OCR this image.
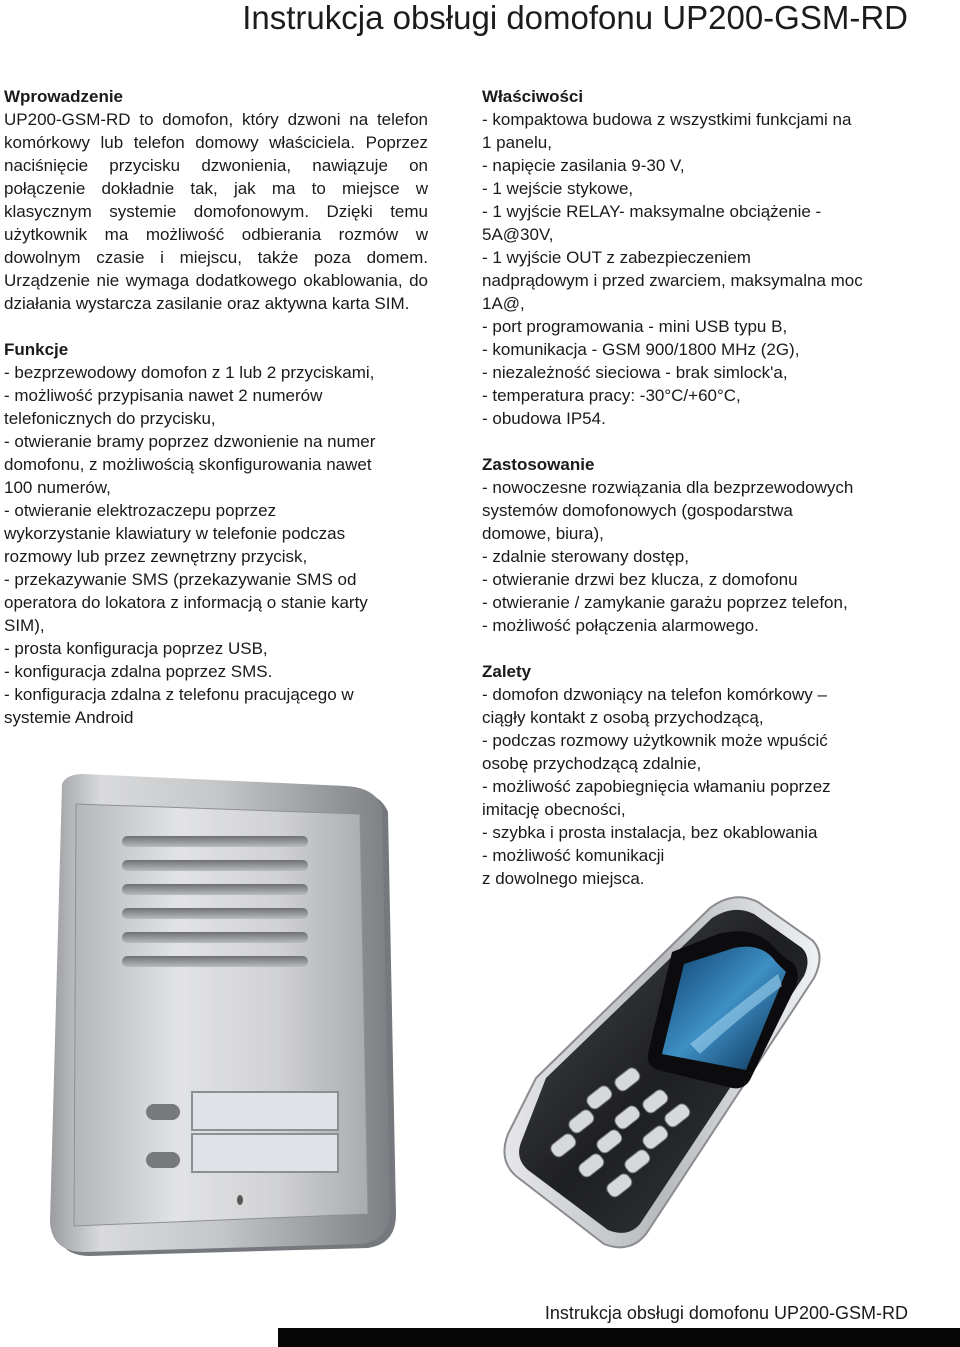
Instrukcja obsługi domofonu UP200-GSM-RD
Wprowadzenie
UP200-GSM-RD to domofon, który dzwoni na telefon komórkowy lub telefon domowy właściciela. Poprzez naciśnięcie przycisku dzwonienia, nawiązuje on połączenie dokładnie tak, jak ma to miejsce w klasycznym systemie domofonowym. Dzięki temu użytkownik ma możliwość odbierania rozmów w dowolnym czasie i miejscu, także poza domem. Urządzenie nie wymaga dodatkowego okablowania, do działania wystarcza zasilanie oraz aktywna karta SIM.
Funkcje
- bezprzewodowy domofon z 1 lub 2 przyciskami,
- możliwość przypisania nawet 2 numerów
telefonicznych do przycisku,
- otwieranie bramy poprzez dzwonienie na numer
domofonu, z możliwością skonfigurowania nawet
100 numerów,
- otwieranie elektrozaczepu poprzez
wykorzystanie klawiatury w telefonie podczas
rozmowy lub przez zewnętrzny przycisk,
- przekazywanie SMS (przekazywanie SMS od
operatora do lokatora z informacją o stanie karty
SIM),
- prosta konfiguracja poprzez USB,
- konfiguracja zdalna poprzez SMS.
- konfiguracja zdalna z telefonu pracującego w
systemie Android
Właściwości
- kompaktowa budowa z wszystkimi funkcjami na
1 panelu,
- napięcie zasilania 9-30 V,
- 1 wejście stykowe,
- 1 wyjście RELAY- maksymalne obciążenie -
5A@30V,
- 1 wyjście OUT z zabezpieczeniem
nadprądowym i przed zwarciem, maksymalna moc
1A@,
- port programowania - mini USB typu B,
- komunikacja - GSM 900/1800 MHz (2G),
- niezależność sieciowa - brak simlock'a,
- temperatura pracy: -30°C/+60°C,
- obudowa IP54.
Zastosowanie
- nowoczesne rozwiązania dla bezprzewodowych
systemów domofonowych (gospodarstwa
domowe, biura),
- zdalnie sterowany dostęp,
- otwieranie drzwi bez klucza, z domofonu
- otwieranie / zamykanie garażu poprzez telefon,
- możliwość połączenia alarmowego.
Zalety
- domofon dzwoniący na telefon komórkowy –
ciągły kontakt z osobą przychodzącą,
- podczas rozmowy użytkownik może wpuścić
osobę przychodzącą zdalnie,
- możliwość zapobiegnięcia włamaniu poprzez
imitację obecności,
- szybka i prosta instalacja, bez okablowania
- możliwość komunikacji
z dowolnego miejsca.
Instrukcja obsługi domofonu UP200-GSM-RD
